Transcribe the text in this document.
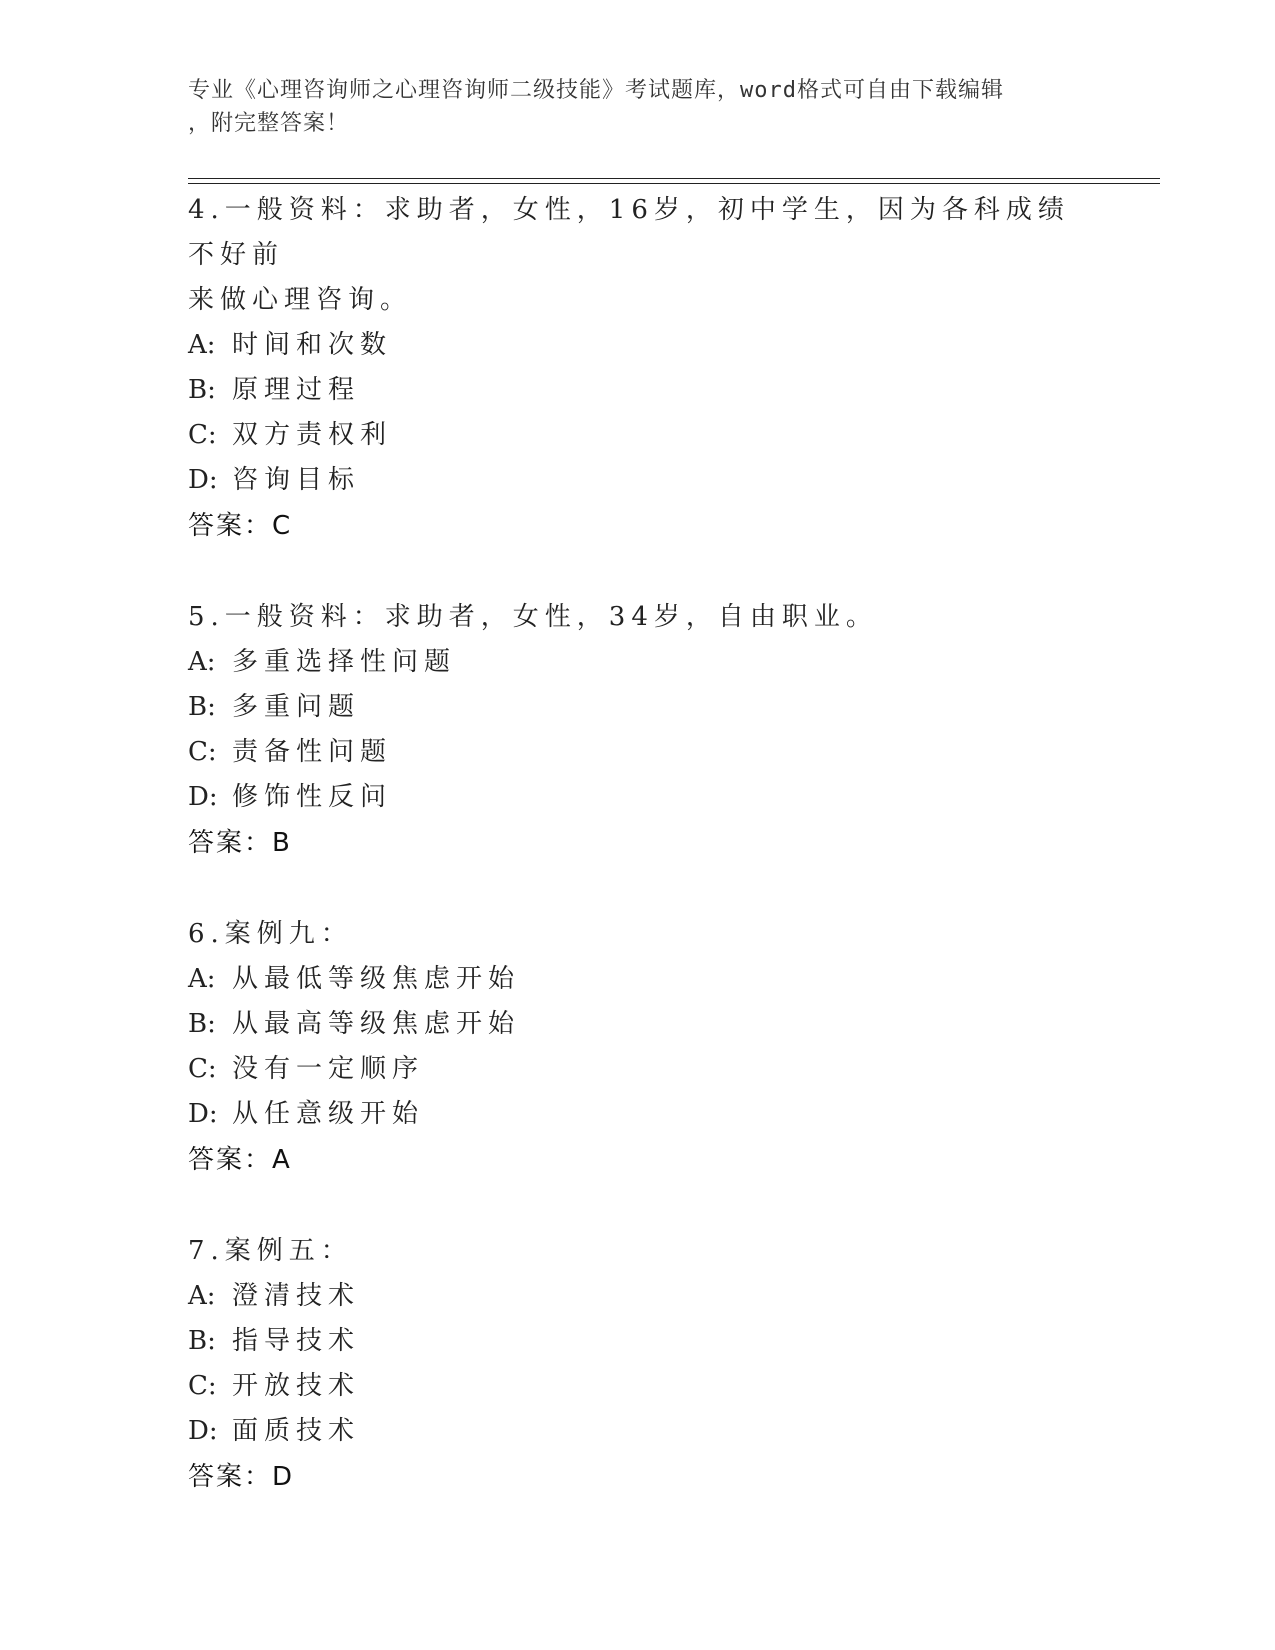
专业《心理咨询师之心理咨询师二级技能》考试题库，word格式可自由下载编辑
，附完整答案！

4.一般资料：求助者，女性，16岁，初中学生，因为各科成绩不好前

来做心理咨询。

A: 时间和次数

B: 原理过程

C: 双方责权利

D: 咨询目标

答案：C

5.一般资料：求助者，女性，34岁，自由职业。

A: 多重选择性问题

B: 多重问题

C: 责备性问题

D: 修饰性反问

答案：B

6.案例九：

A: 从最低等级焦虑开始

B: 从最高等级焦虑开始

C: 没有一定顺序

D: 从任意级开始

答案：A

7.案例五：

A: 澄清技术

B: 指导技术

C: 开放技术

D: 面质技术

答案：D
